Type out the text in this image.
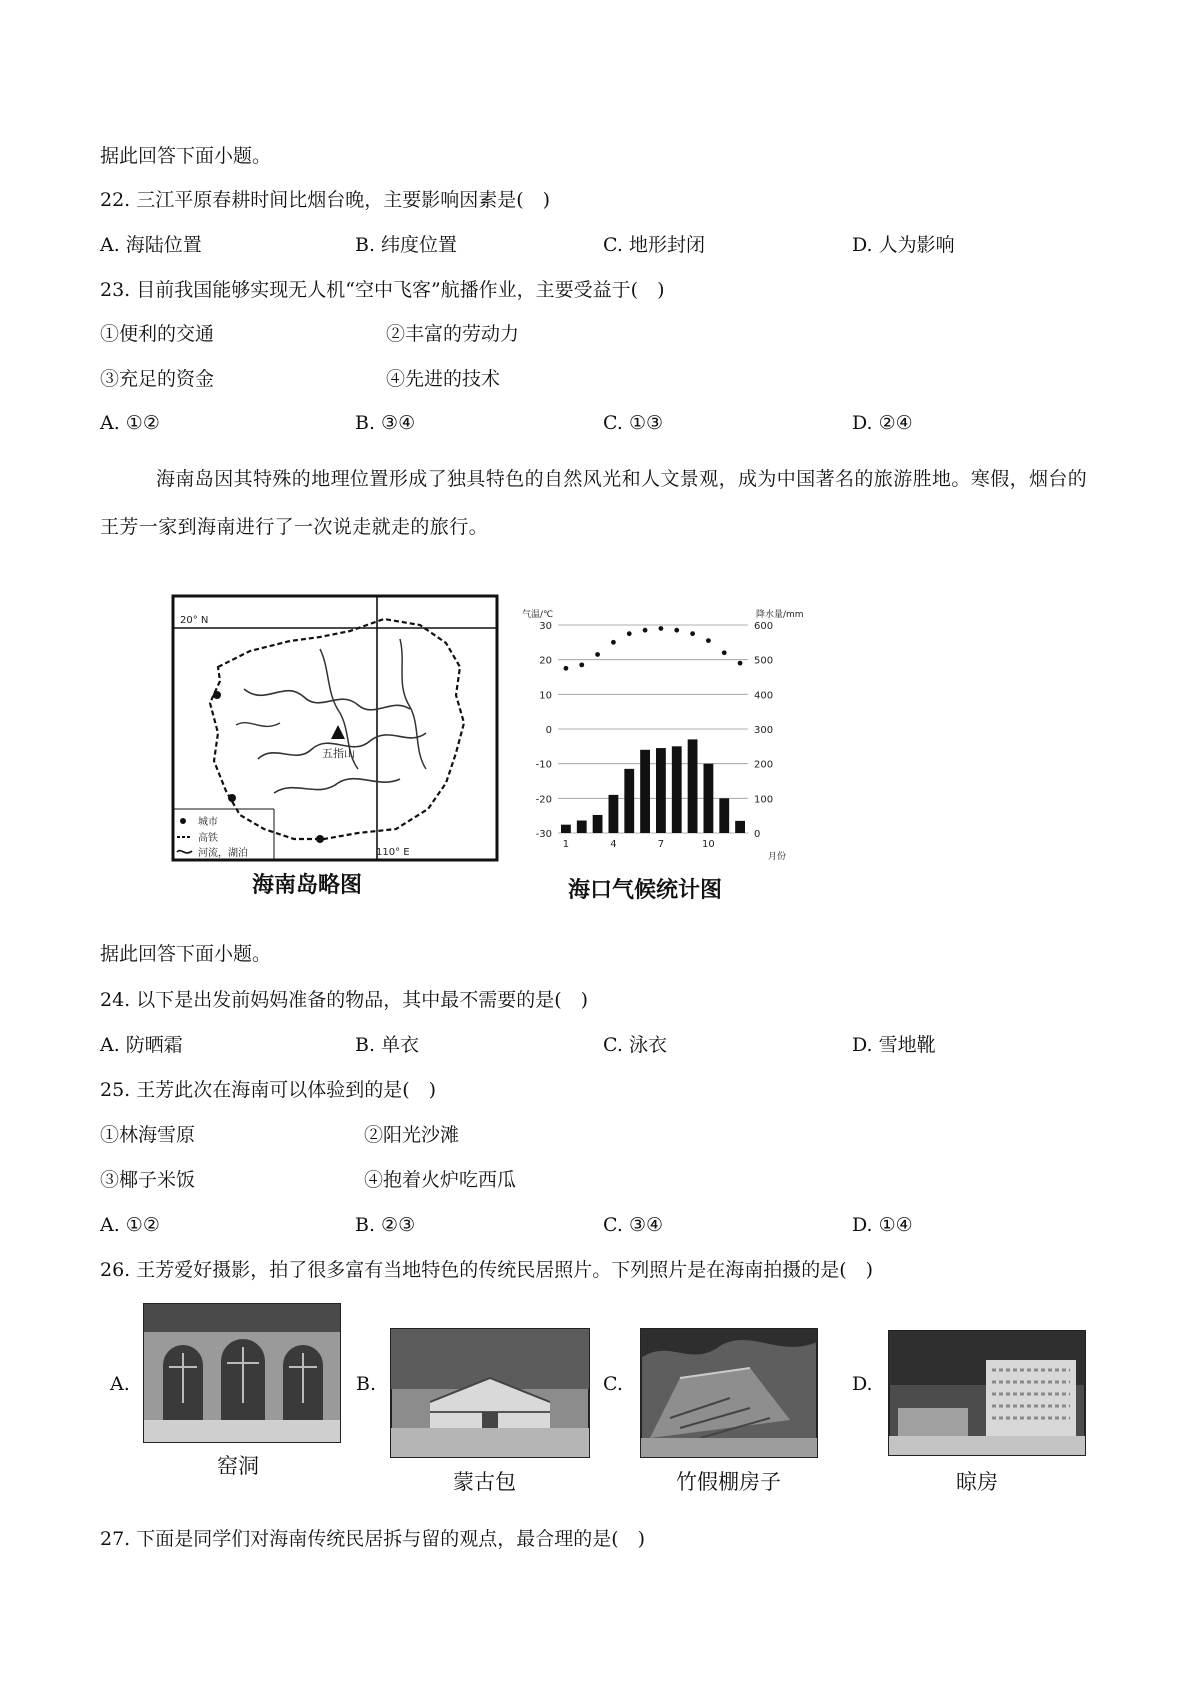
据此回答下面小题。
22. 三江平原春耕时间比烟台晚，主要影响因素是(　)
A. 海陆位置	B. 纬度位置	C. 地形封闭	D. 人为影响
23. 目前我国能够实现无人机“空中飞客”航播作业，主要受益于(　)
①便利的交通	②丰富的劳动力
③充足的资金	④先进的技术
A. ①②	B. ③④	C. ①③	D. ②④
海南岛因其特殊的地理位置形成了独具特色的自然风光和人文景观，成为中国著名的旅游胜地。寒假，烟台的王芳一家到海南进行了一次说走就走的旅行。
五指山
20° N
110° E
城市
高铁
河流，湖泊
海南岛略图
气温/℃	降水量/mm
月份
30
20
10
0
-10
-20
-30
600
500
400
300
200
100
0
1	4	7	10
海口气候统计图
据此回答下面小题。
24. 以下是出发前妈妈准备的物品，其中最不需要的是(　)
A. 防晒霜	B. 单衣	C. 泳衣	D. 雪地靴
25. 王芳此次在海南可以体验到的是(　)
①林海雪原	②阳光沙滩
③椰子米饭	④抱着火炉吃西瓜
A. ①②	B. ②③	C. ③④	D. ①④
26. 王芳爱好摄影，拍了很多富有当地特色的传统民居照片。下列照片是在海南拍摄的是(　)
A.
窑洞
B.
蒙古包
C.
竹假棚房子
D.
晾房
27. 下面是同学们对海南传统民居拆与留的观点，最合理的是(　)
